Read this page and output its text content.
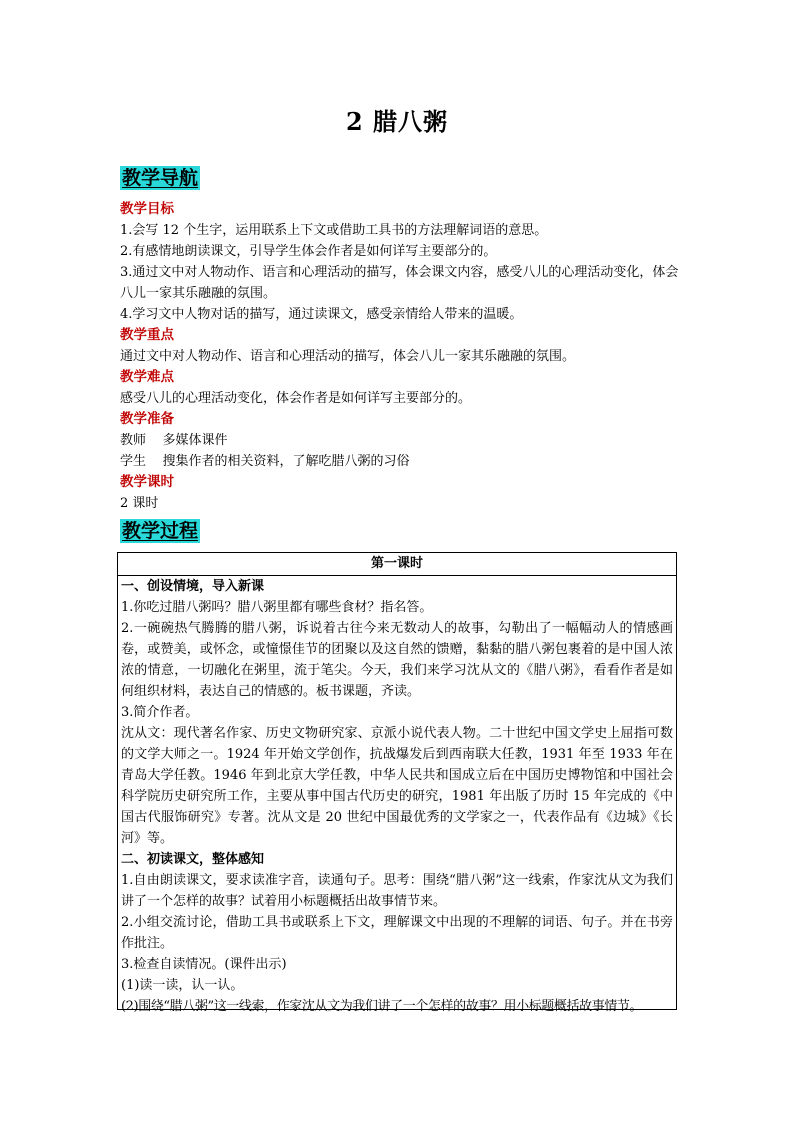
2 腊八粥
教学导航

教学目标

1.会写 12 个生字，运用联系上下文或借助工具书的方法理解词语的意思。

2.有感情地朗读课文，引导学生体会作者是如何详写主要部分的。

3.通过文中对人物动作、语言和心理活动的描写，体会课文内容，感受八儿的心理活动变化，体会八儿一家其乐融融的氛围。

4.学习文中人物对话的描写，通过读课文，感受亲情给人带来的温暖。

教学重点

通过文中对人物动作、语言和心理活动的描写，体会八儿一家其乐融融的氛围。

教学难点

感受八儿的心理活动变化，体会作者是如何详写主要部分的。

教学准备

教师    多媒体课件

学生    搜集作者的相关资料，了解吃腊八粥的习俗

教学课时

2 课时

教学过程
第一课时

一、创设情境，导入新课

1.你吃过腊八粥吗？腊八粥里都有哪些食材？指名答。

2.一碗碗热气腾腾的腊八粥，诉说着古往今来无数动人的故事，勾勒出了一幅幅动人的情感画卷，或赞美，或怀念，或憧憬佳节的团聚以及这自然的馈赠，黏黏的腊八粥包裹着的是中国人浓浓的情意，一切融化在粥里，流于笔尖。今天，我们来学习沈从文的《腊八粥》，看看作者是如何组织材料，表达自己的情感的。板书课题，齐读。

3.简介作者。

沈从文：现代著名作家、历史文物研究家、京派小说代表人物。二十世纪中国文学史上屈指可数的文学大师之一。1924 年开始文学创作，抗战爆发后到西南联大任教，1931 年至 1933 年在青岛大学任教。1946 年到北京大学任教，中华人民共和国成立后在中国历史博物馆和中国社会科学院历史研究所工作，主要从事中国古代历史的研究，1981 年出版了历时 15 年完成的《中国古代服饰研究》专著。沈从文是 20 世纪中国最优秀的文学家之一，代表作品有《边城》《长河》等。

二、初读课文，整体感知

1.自由朗读课文，要求读准字音，读通句子。思考：围绕“腊八粥”这一线索，作家沈从文为我们讲了一个怎样的故事？试着用小标题概括出故事情节来。

2.小组交流讨论，借助工具书或联系上下文，理解课文中出现的不理解的词语、句子。并在书旁作批注。

3.检查自读情况。(课件出示)

(1)读一读，认一认。

(2)围绕“腊八粥”这一线索，作家沈从文为我们讲了一个怎样的故事？用小标题概括故事情节。
